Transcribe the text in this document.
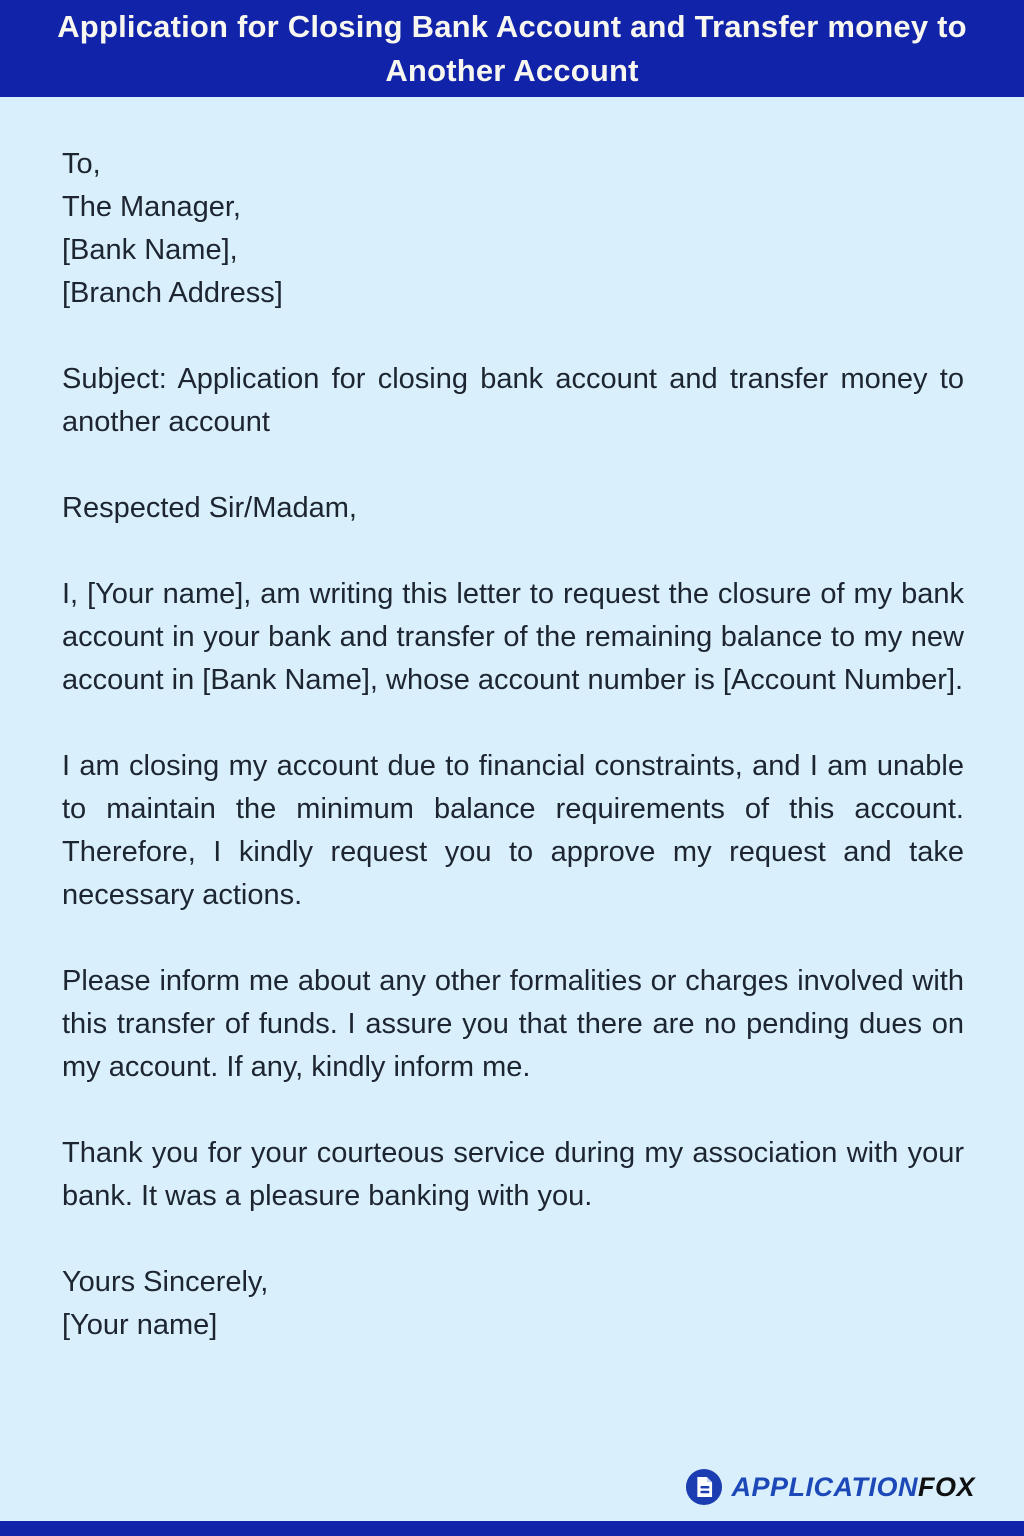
Application for Closing Bank Account and Transfer money to
Another Account
To,
The Manager,
[Bank Name],
[Branch Address]

Subject: Application for closing bank account and transfer money to another account

Respected Sir/Madam,

I, [Your name], am writing this letter to request the closure of my bank account in your bank and transfer of the remaining balance to my new account in [Bank Name], whose account number is [Account Number].

I am closing my account due to financial constraints, and I am unable to maintain the minimum balance requirements of this account. Therefore, I kindly request you to approve my request and take necessary actions.

Please inform me about any other formalities or charges involved with this transfer of funds. I assure you that there are no pending dues on my account. If any, kindly inform me.

Thank you for your courteous service during my association with your bank. It was a pleasure banking with you.

Yours Sincerely,
[Your name]
APPLICATIONFOX
